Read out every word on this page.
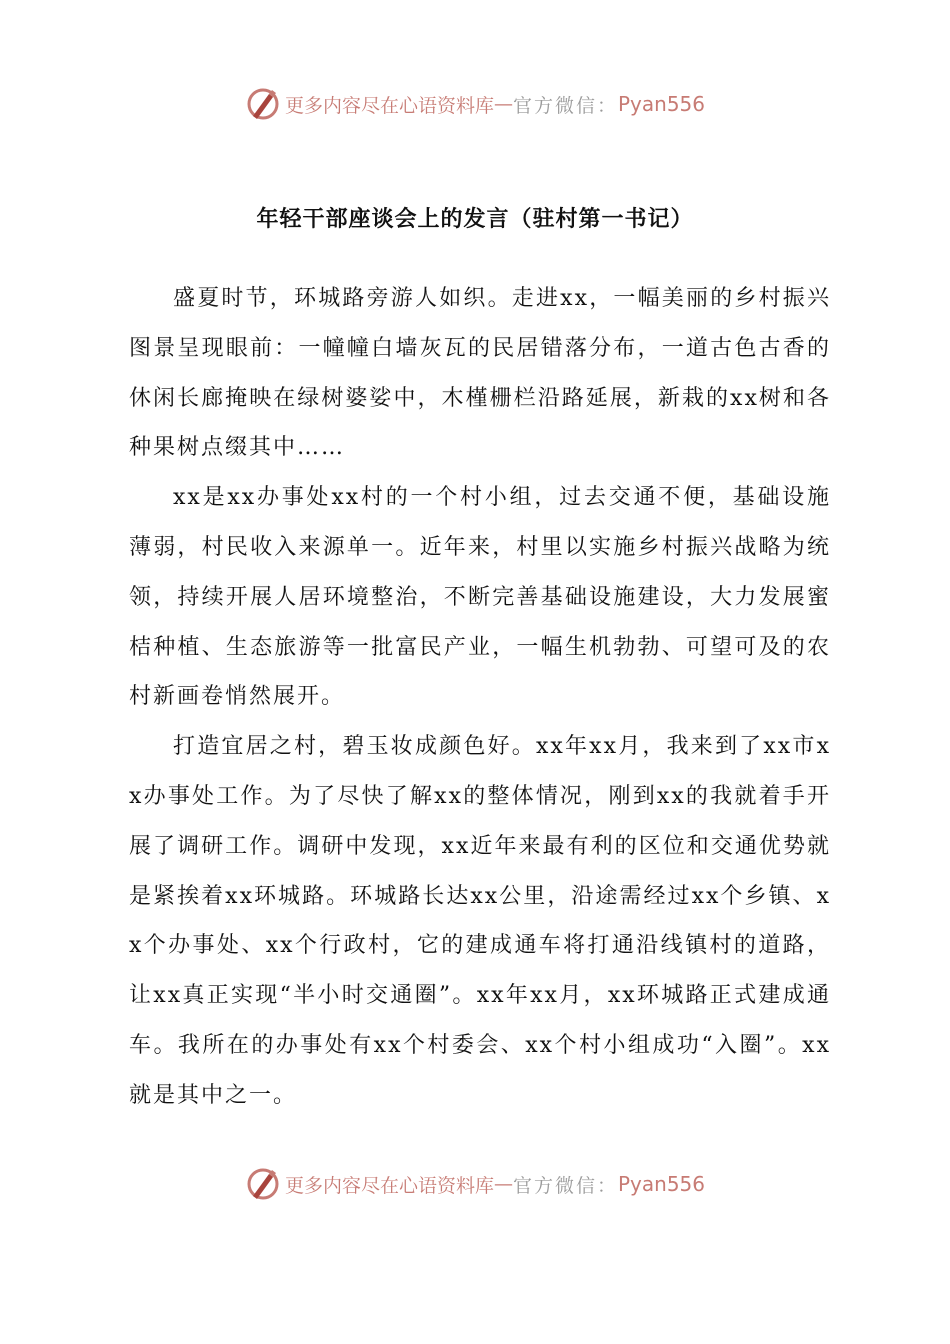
更多内容尽在心语资料库 — 官方微信： Pyan556
年轻干部座谈会上的发言（驻村第一书记）

盛夏时节，环城路旁游人如织。走进xx，一幅美丽的乡村振兴图景呈现眼前：一幢幢白墙灰瓦的民居错落分布，一道古色古香的休闲长廊掩映在绿树婆娑中，木槿栅栏沿路延展，新栽的xx树和各种果树点缀其中……

xx是xx办事处xx村的一个村小组，过去交通不便，基础设施薄弱，村民收入来源单一。近年来，村里以实施乡村振兴战略为统领，持续开展人居环境整治，不断完善基础设施建设，大力发展蜜桔种植、生态旅游等一批富民产业，一幅生机勃勃、可望可及的农村新画卷悄然展开。

打造宜居之村，碧玉妆成颜色好。xx年xx月，我来到了xx市xx办事处工作。为了尽快了解xx的整体情况，刚到xx的我就着手开展了调研工作。调研中发现，xx近年来最有利的区位和交通优势就是紧挨着xx环城路。环城路长达xx公里，沿途需经过xx个乡镇、xx个办事处、xx个行政村，它的建成通车将打通沿线镇村的道路，让xx真正实现“半小时交通圈”。xx年xx月，xx环城路正式建成通车。我所在的办事处有xx个村委会、xx个村小组成功“入圈”。xx就是其中之一。

更多内容尽在心语资料库 — 官方微信： Pyan556
